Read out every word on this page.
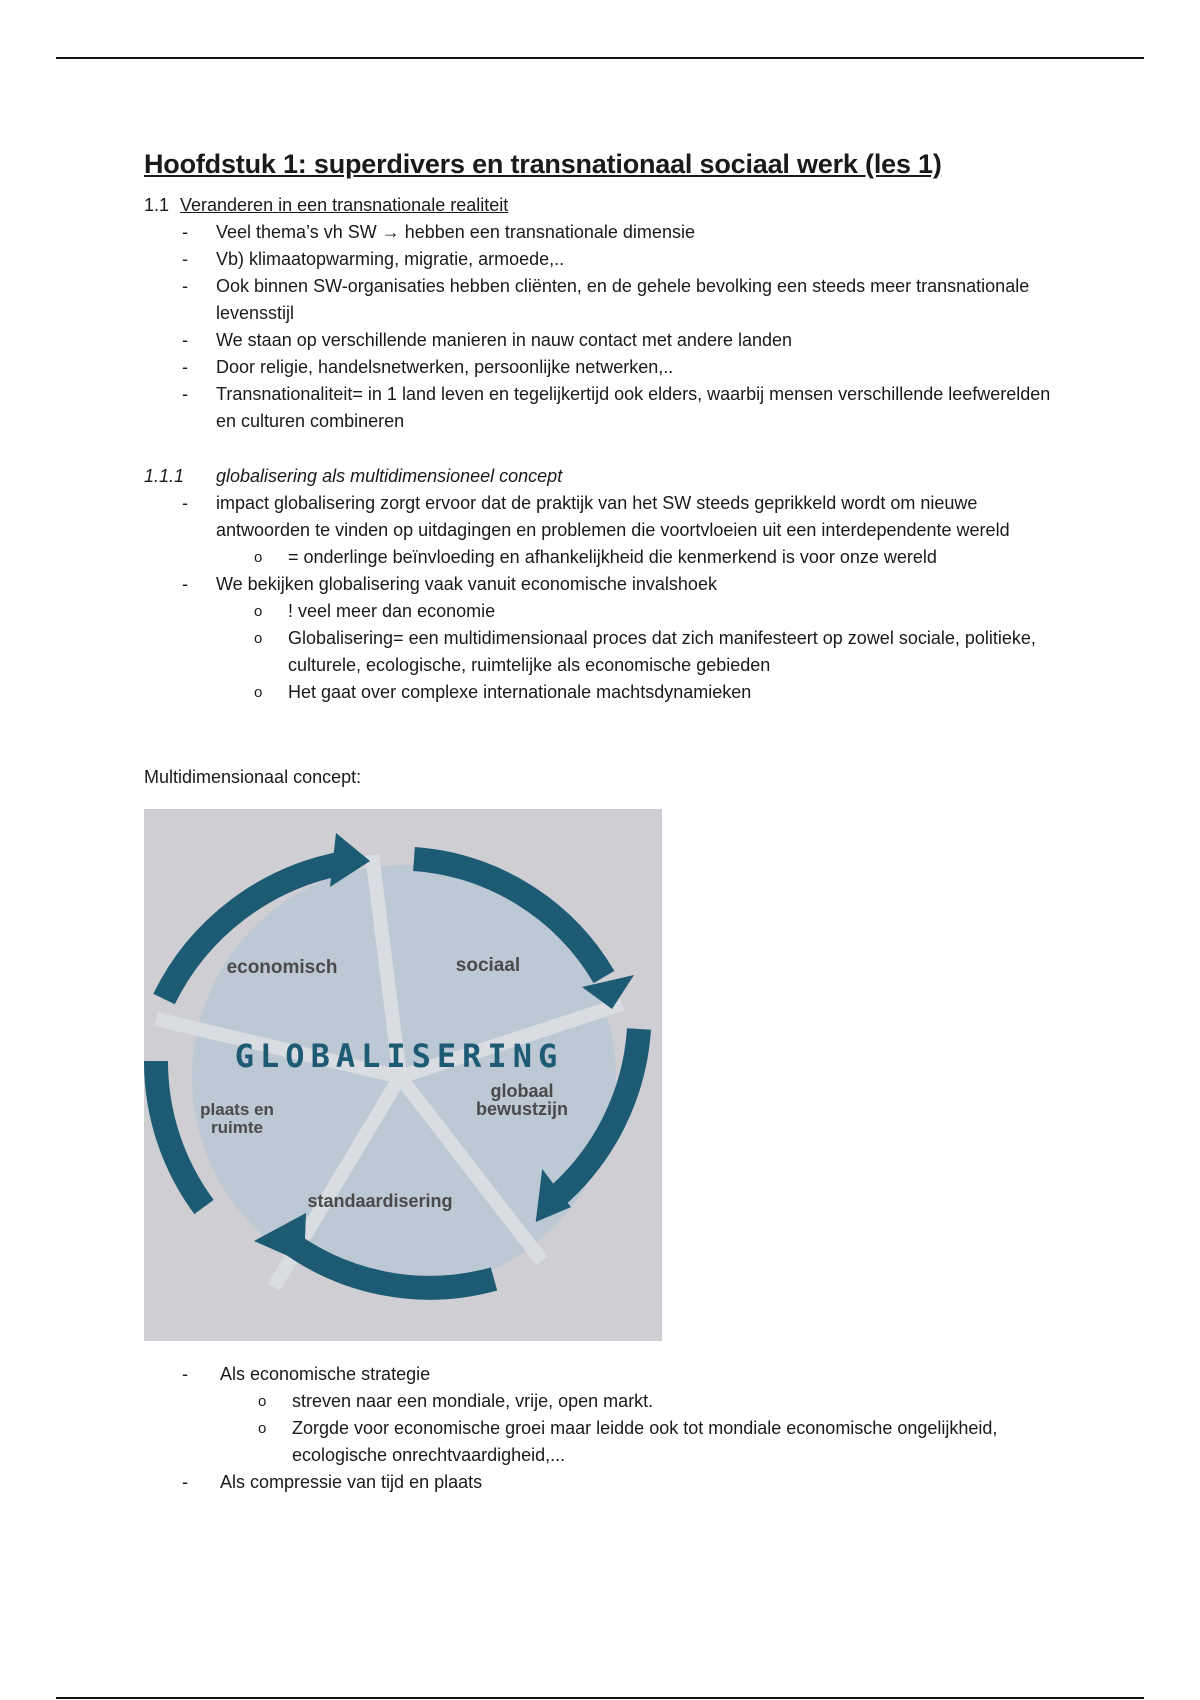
Hoofdstuk 1: superdivers en transnationaal sociaal werk (les 1)
1.1 Veranderen in een transnationale realiteit
- Veel thema’s vh SW → hebben een transnationale dimensie
- Vb) klimaatopwarming, migratie, armoede,..
- Ook binnen SW-organisaties hebben cliënten, en de gehele bevolking een steeds meer transnationale levensstijl
- We staan op verschillende manieren in nauw contact met andere landen
- Door religie, handelsnetwerken, persoonlijke netwerken,..
- Transnationaliteit= in 1 land leven en tegelijkertijd ook elders, waarbij mensen verschillende leefwerelden en culturen combineren
1.1.1	globalisering als multidimensioneel concept
- impact globalisering zorgt ervoor dat de praktijk van het SW steeds geprikkeld wordt om nieuwe antwoorden te vinden op uitdagingen en problemen die voortvloeien uit een interdependente wereld
o = onderlinge beïnvloeding en afhankelijkheid die kenmerkend is voor onze wereld
- We bekijken globalisering vaak vanuit economische invalshoek
o ! veel meer dan economie
o Globalisering= een multidimensionaal proces dat zich manifesteert op zowel sociale, politieke, culturele, ecologische, ruimtelijke als economische gebieden
o Het gaat over complexe internationale machtsdynamieken
Multidimensionaal concept:
economisch	sociaal
globaal bewustzijn
standaardisering
plaats en ruimte
GLOBALISERING
- Als economische strategie
o streven naar een mondiale, vrije, open markt.
o Zorgde voor economische groei maar leidde ook tot mondiale economische ongelijkheid, ecologische onrechtvaardigheid,...
- Als compressie van tijd en plaats
